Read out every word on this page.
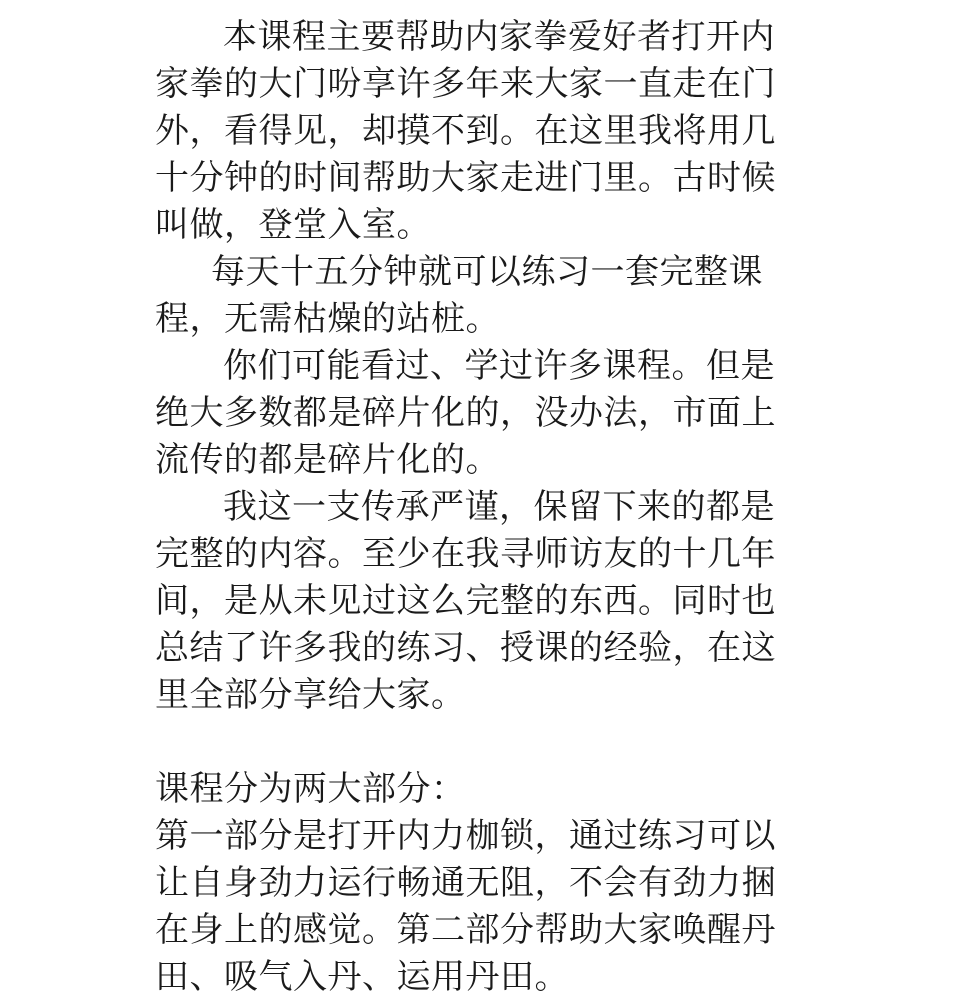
本课程主要帮助内家拳爱好者打开内
家拳的大门吩享许多年来大家一直走在门
外，看得见，却摸不到。在这里我将用几
十分钟的时间帮助大家走进门里。古时候
叫做，登堂入室。
每天十五分钟就可以练习一套完整课
程，无需枯燥的站桩。
你们可能看过、学过许多课程。但是
绝大多数都是碎片化的，没办法，市面上
流传的都是碎片化的。
我这一支传承严谨，保留下来的都是
完整的内容。至少在我寻师访友的十几年
间，是从未见过这么完整的东西。同时也
总结了许多我的练习、授课的经验，在这
里全部分享给大家。
课程分为两大部分：
第一部分是打开内力枷锁，通过练习可以
让自身劲力运行畅通无阻，不会有劲力捆
在身上的感觉。第二部分帮助大家唤醒丹
田、吸气入丹、运用丹田。
